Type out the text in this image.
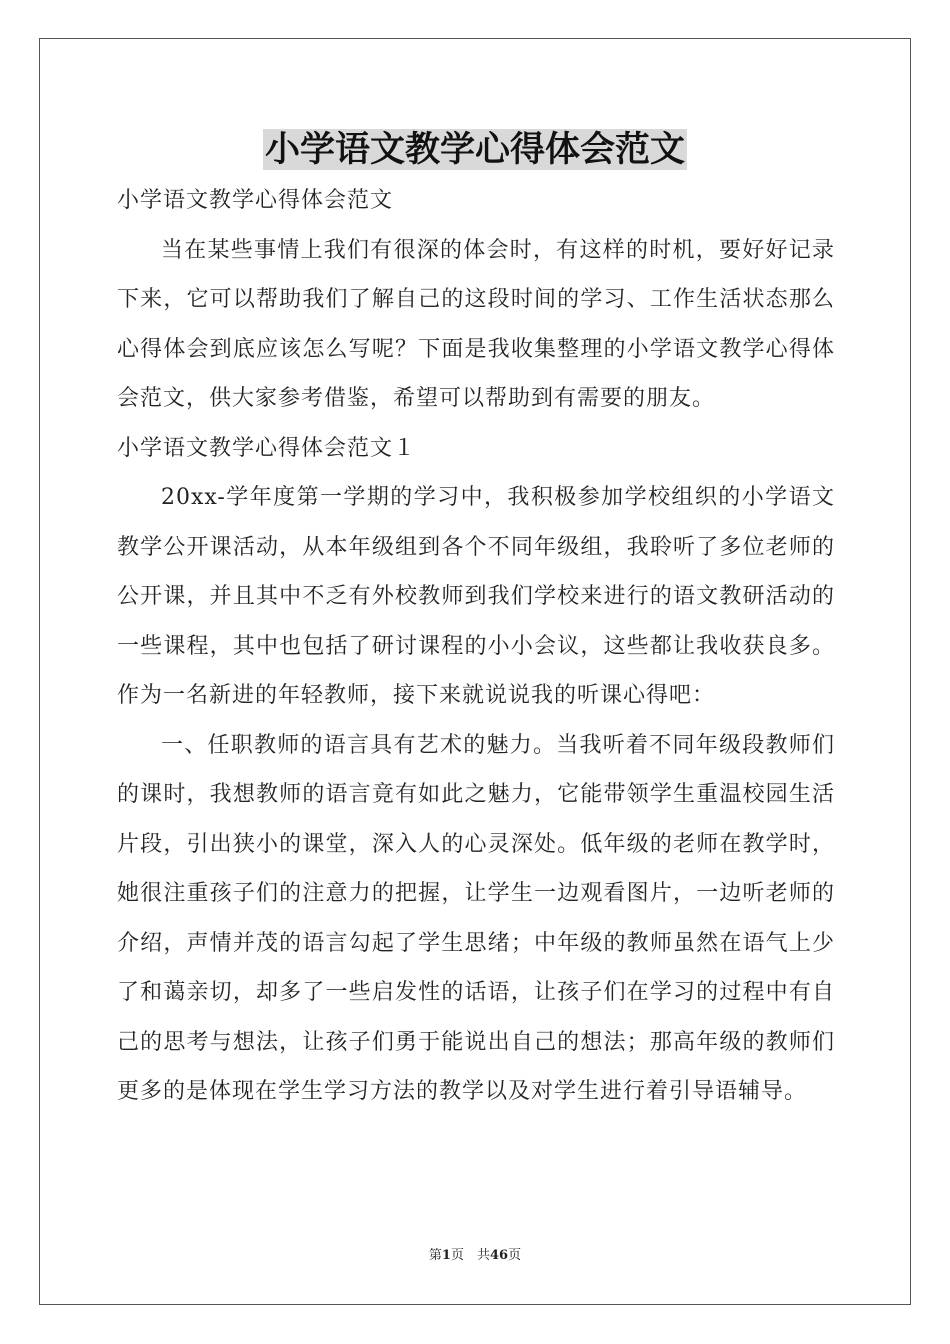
小学语文教学心得体会范文

小学语文教学心得体会范文

当在某些事情上我们有很深的体会时，有这样的时机，要好好记录下来，它可以帮助我们了解自己的这段时间的学习、工作生活状态那么心得体会到底应该怎么写呢？下面是我收集整理的小学语文教学心得体会范文，供大家参考借鉴，希望可以帮助到有需要的朋友。

小学语文教学心得体会范文１

20xx-学年度第一学期的学习中，我积极参加学校组织的小学语文教学公开课活动，从本年级组到各个不同年级组，我聆听了多位老师的公开课，并且其中不乏有外校教师到我们学校来进行的语文教研活动的一些课程，其中也包括了研讨课程的小小会议，这些都让我收获良多。作为一名新进的年轻教师，接下来就说说我的听课心得吧：

一、任职教师的语言具有艺术的魅力。当我听着不同年级段教师们的课时，我想教师的语言竟有如此之魅力，它能带领学生重温校园生活片段，引出狭小的课堂，深入人的心灵深处。低年级的老师在教学时，她很注重孩子们的注意力的把握，让学生一边观看图片，一边听老师的介绍，声情并茂的语言勾起了学生思绪；中年级的教师虽然在语气上少了和蔼亲切，却多了一些启发性的话语，让孩子们在学习的过程中有自己的思考与想法，让孩子们勇于能说出自己的想法；那高年级的教师们更多的是体现在学生学习方法的教学以及对学生进行着引导语辅导。

第1页　共46页
